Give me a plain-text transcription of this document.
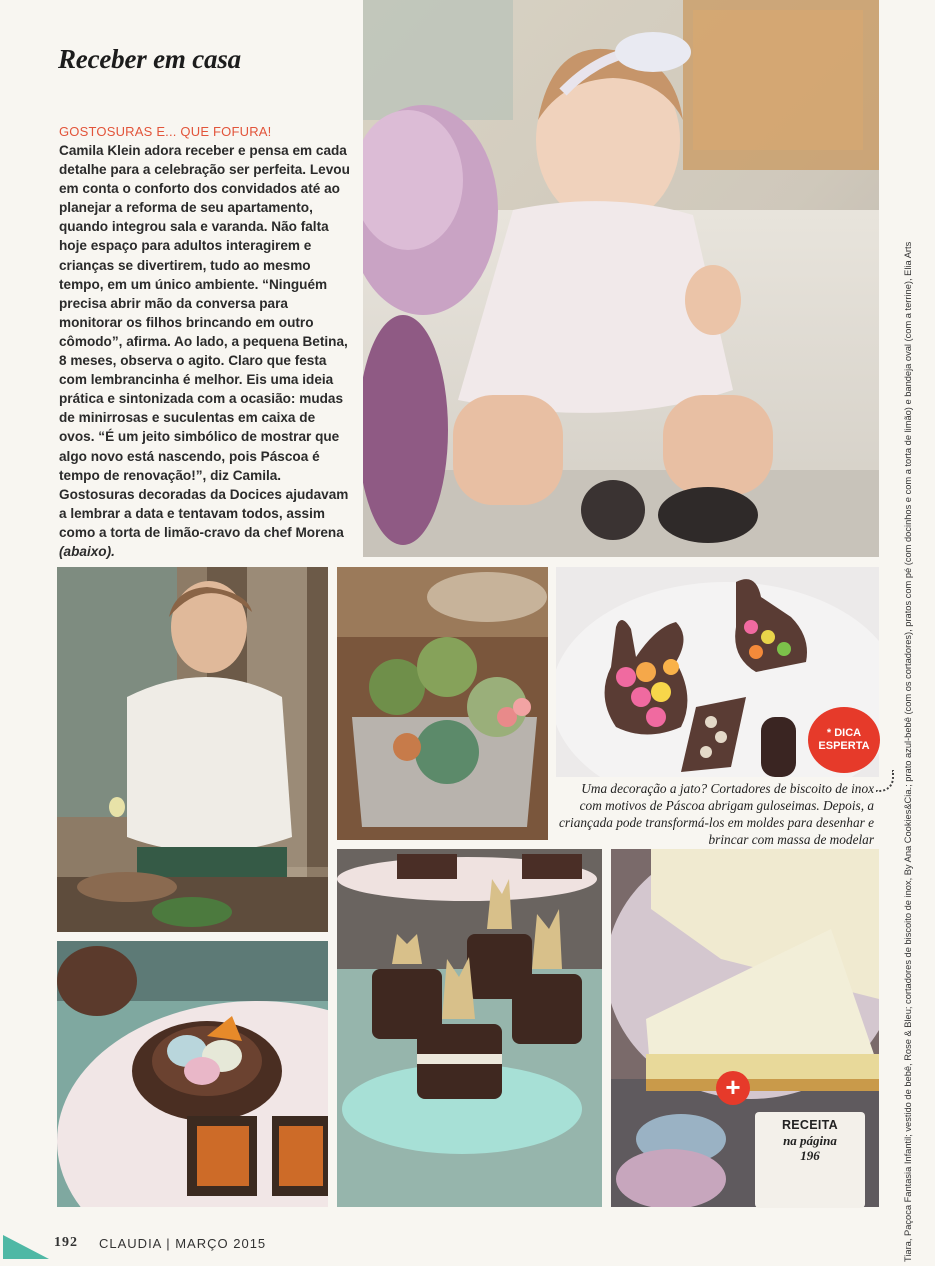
Receber em casa
GOSTOSURAS E... QUE FOFURA!
Camila Klein adora receber e pensa em cada detalhe para a celebração ser perfeita. Levou em conta o conforto dos convidados até ao planejar a reforma de seu apartamento, quando integrou sala e varanda. Não falta hoje espaço para adultos interagirem e crianças se divertirem, tudo ao mesmo tempo, em um único ambiente. “Ninguém precisa abrir mão da conversa para monitorar os filhos brincando em outro cômodo”, afirma. Ao lado, a pequena Betina, 8 meses, observa o agito. Claro que festa com lembrancinha é melhor. Eis uma ideia prática e sintonizada com a ocasião: mudas de minirrosas e suculentas em caixa de ovos. “É um jeito simbólico de mostrar que algo novo está nascendo, pois Páscoa é tempo de renovação!”, diz Camila. Gostosuras decoradas da Docices ajudavam a lembrar a data e tentavam todos, assim como a torta de limão-cravo da chef Morena (abaixo).
* DICA
ESPERTA
Uma decoração a jato? Cortadores de biscoito de inox com motivos de Páscoa abrigam guloseimas. Depois, a criançada pode transformá-los em moldes para desenhar e brincar com massa de modelar
+
RECEITA
na página
196	Tiara, Paçoca Fantasia Infantil; vestido de bebê, Rose & Bleu; cortadores de biscoito de inox, By Ana Cookies&Cia.; prato azul-bebê (com os cortadores), pratos com pé (com docinhos e com a torta de limão) e bandeja oval (com a terrine), Elia Arts
192 CLAUDIA | MARÇO 2015
